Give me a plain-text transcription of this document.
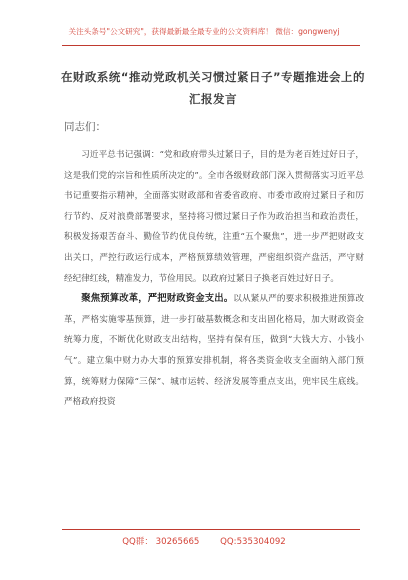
关注头条号"公文研究"，获得最新最全最专业的公文资料库！ 微信：gongwenyj
在财政系统“推动党政机关习惯过紧日子”专题推进会上的汇报发言
同志们：

习近平总书记强调：“党和政府带头过紧日子，目的是为老百姓过好日子，这是我们党的宗旨和性质所决定的”。全市各级财政部门深入贯彻落实习近平总书记重要指示精神，全面落实财政部和省委省政府、市委市政府过紧日子和厉行节约、反对浪费部署要求，坚持将习惯过紧日子作为政治担当和政治责任，积极发扬艰苦奋斗、勤俭节约优良传统，注重“五个聚焦”，进一步严把财政支出关口，严控行政运行成本，严格预算绩效管理，严密组织资产盘活，严守财经纪律红线，精准发力，节俭用民。以政府过紧日子换老百姓过好日子。

聚焦预算改革，严把财政资金支出。以从紧从严的要求积极推进预算改革，严格实施零基预算，进一步打破基数概念和支出固化格局，加大财政资金统筹力度，不断优化财政支出结构，坚持有保有压，做到“大钱大方、小钱小气”。建立集中财力办大事的预算安排机制，将各类资金收支全面纳入部门预算，统筹财力保障“三保”、城市运转、经济发展等重点支出，兜牢民生底线。严格政府投资

QQ群： 30265665 QQ:535304092
